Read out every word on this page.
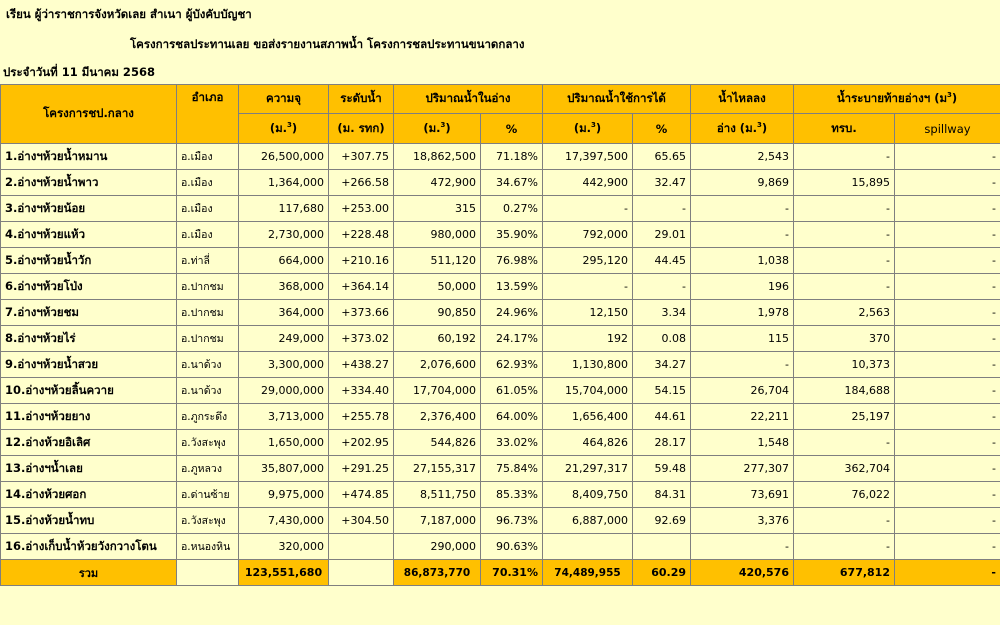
เรียน ผู้ว่าราชการจังหวัดเลย สำเนา ผู้บังคับบัญชา
โครงการชลประทานเลย ขอส่งรายงานสภาพน้ำ โครงการชลประทานขนาดกลาง
ประจำวันที่ 11 มีนาคม 2568
โครงการชป.กลาง	อำเภอ	ความจุ	ระดับน้ำ	ปริมาณน้ำในอ่าง		ปริมาณน้ำใช้การได้		น้ำไหลลง	น้ำระบายท้ายอ่างฯ (ม$^3$)	
		(ม.$^3$)	(ม. รทก)	(ม.$^3$)	%	(ม.$^3$)	%	อ่าง (ม.$^3$)	ทรบ.	spillway
1.อ่างฯห้วยน้ำหมาน	อ.เมือง	26,500,000	+307.75	18,862,500	71.18%	17,397,500	65.65	2,543	-	-
2.อ่างฯห้วยน้ำพาว	อ.เมือง	1,364,000	+266.58	472,900	34.67%	442,900	32.47	9,869	15,895	-
3.อ่างฯห้วยน้อย	อ.เมือง	117,680	+253.00	315	0.27%	-	-	-	-	-
4.อ่างฯห้วยแห้ว	อ.เมือง	2,730,000	+228.48	980,000	35.90%	792,000	29.01	-	-	-
5.อ่างฯห้วยน้ำวัก	อ.ท่าลี่	664,000	+210.16	511,120	76.98%	295,120	44.45	1,038	-	-
6.อ่างฯห้วยโป่ง	อ.ปากชม	368,000	+364.14	50,000	13.59%	-	-	196	-	-
7.อ่างฯห้วยชม	อ.ปากชม	364,000	+373.66	90,850	24.96%	12,150	3.34	1,978	2,563	-
8.อ่างฯห้วยไร่	อ.ปากชม	249,000	+373.02	60,192	24.17%	192	0.08	115	370	-
9.อ่างฯห้วยน้ำสวย	อ.นาด้วง	3,300,000	+438.27	2,076,600	62.93%	1,130,800	34.27	-	10,373	-
10.อ่างฯห้วยลิ้นควาย	อ.นาด้วง	29,000,000	+334.40	17,704,000	61.05%	15,704,000	54.15	26,704	184,688	-
11.อ่างฯห้วยยาง	อ.ภูกระดึง	3,713,000	+255.78	2,376,400	64.00%	1,656,400	44.61	22,211	25,197	-
12.อ่างห้วยอิเลิศ	อ.วังสะพุง	1,650,000	+202.95	544,826	33.02%	464,826	28.17	1,548	-	-
13.อ่างฯน้ำเลย	อ.ภูหลวง	35,807,000	+291.25	27,155,317	75.84%	21,297,317	59.48	277,307	362,704	-
14.อ่างห้วยศอก	อ.ด่านซ้าย	9,975,000	+474.85	8,511,750	85.33%	8,409,750	84.31	73,691	76,022	-
15.อ่างห้วยน้ำทบ	อ.วังสะพุง	7,430,000	+304.50	7,187,000	96.73%	6,887,000	92.69	3,376	-	-
16.อ่างเก็บน้ำห้วยวังกวางโตน	อ.หนองหิน	320,000		290,000	90.63%			-	-	-
รวม		123,551,680		86,873,770	70.31%	74,489,955	60.29	420,576	677,812	-
